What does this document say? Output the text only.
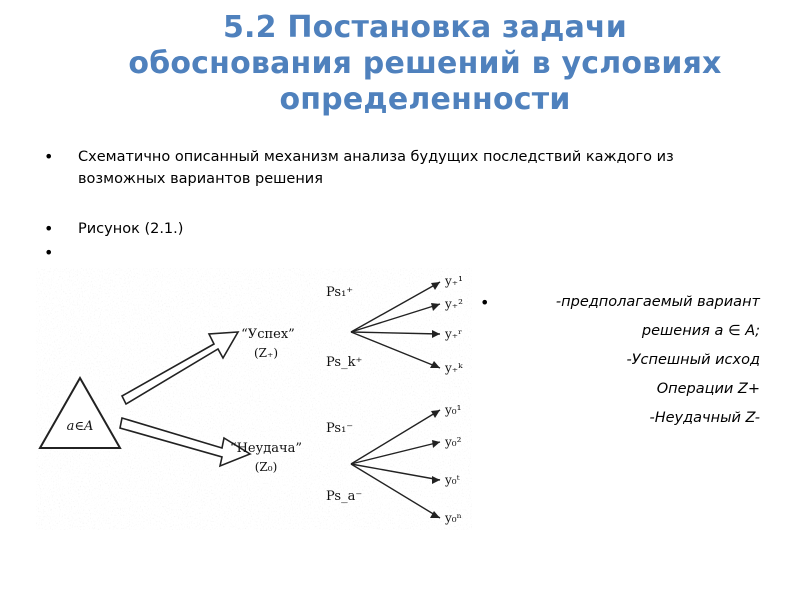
5.2 Постановка задачи
обоснования решений в условиях
определенности
• Схематично описанный механизм анализа будущих последствий каждого из возможных вариантов решения
• Рисунок (2.1.)
•
a∈A
“Успех”
(Z₊)
“Неудача”
(Z₀)
Ps₁⁺
Ps_k⁺
Ps₁⁻
Ps_a⁻
y₊¹
y₊²
y₊ʳ
y₊ᵏ
y₀¹
y₀²
y₀ᵗ
y₀ⁿ
•	-предполагаемый вариант
решения а ∈ А;
-Успешный исход
Операции Z+
-Неудачный Z-
